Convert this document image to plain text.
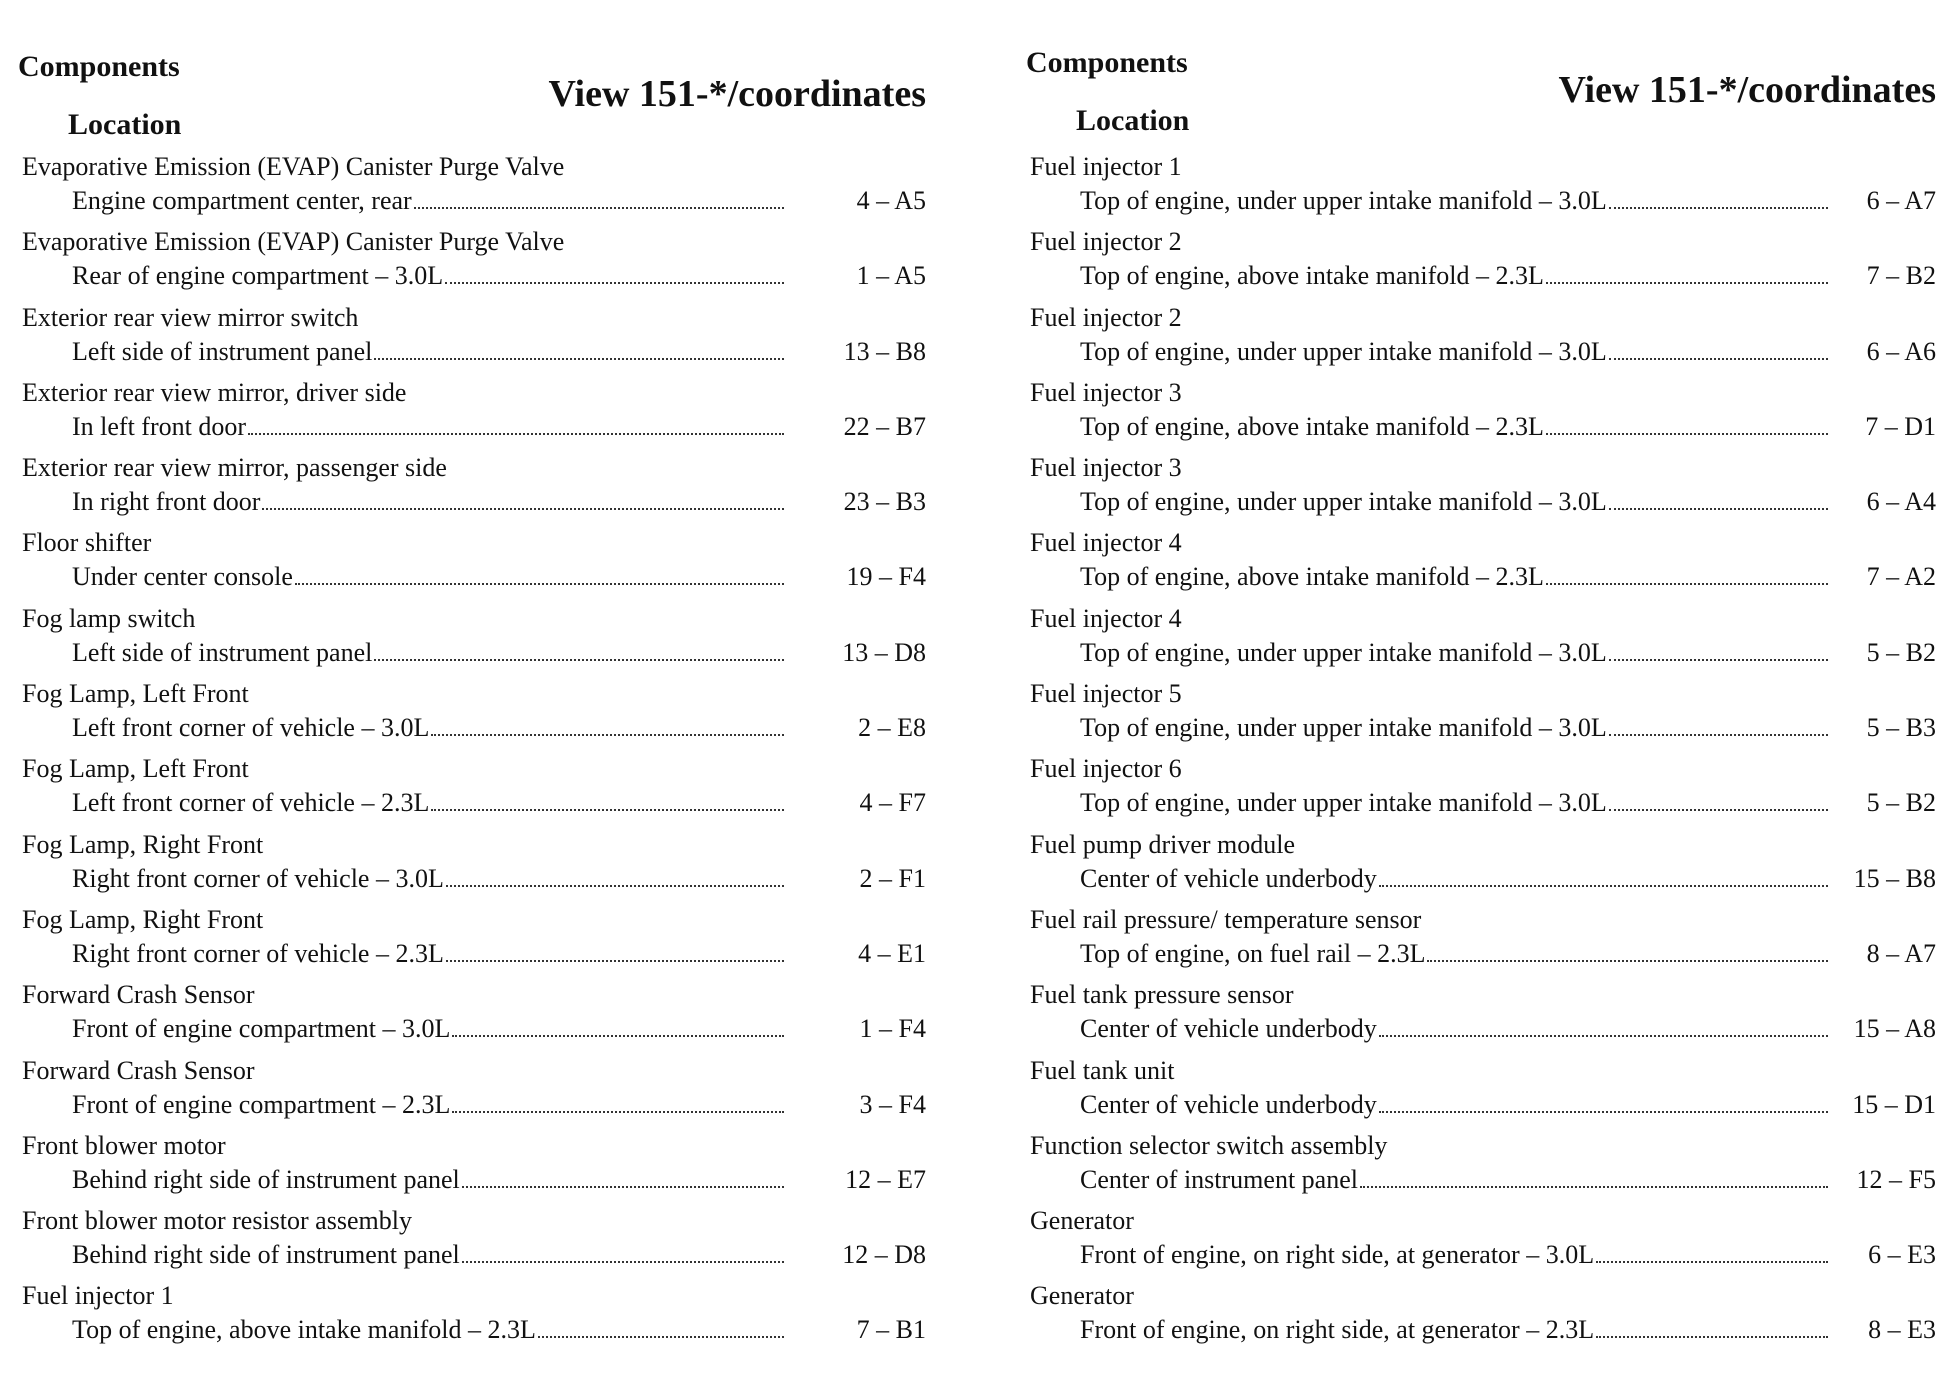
Components
Location
View 151-*/coordinates
Evaporative Emission (EVAP) Canister Purge Valve
Engine compartment center, rear	4 – A5
Evaporative Emission (EVAP) Canister Purge Valve
Rear of engine compartment – 3.0L	1 – A5
Exterior rear view mirror switch
Left side of instrument panel	13 – B8
Exterior rear view mirror, driver side
In left front door	22 – B7
Exterior rear view mirror, passenger side
In right front door	23 – B3
Floor shifter
Under center console	19 – F4
Fog lamp switch
Left side of instrument panel	13 – D8
Fog Lamp, Left Front
Left front corner of vehicle – 3.0L	2 – E8
Fog Lamp, Left Front
Left front corner of vehicle – 2.3L	4 – F7
Fog Lamp, Right Front
Right front corner of vehicle – 3.0L	2 – F1
Fog Lamp, Right Front
Right front corner of vehicle – 2.3L	4 – E1
Forward Crash Sensor
Front of engine compartment – 3.0L	1 – F4
Forward Crash Sensor
Front of engine compartment – 2.3L	3 – F4
Front blower motor
Behind right side of instrument panel	12 – E7
Front blower motor resistor assembly
Behind right side of instrument panel	12 – D8
Fuel injector 1
Top of engine, above intake manifold – 2.3L	7 – B1
Components
Location
View 151-*/coordinates
Fuel injector 1
Top of engine, under upper intake manifold – 3.0L	6 – A7
Fuel injector 2
Top of engine, above intake manifold – 2.3L	7 – B2
Fuel injector 2
Top of engine, under upper intake manifold – 3.0L	6 – A6
Fuel injector 3
Top of engine, above intake manifold – 2.3L	7 – D1
Fuel injector 3
Top of engine, under upper intake manifold – 3.0L	6 – A4
Fuel injector 4
Top of engine, above intake manifold – 2.3L	7 – A2
Fuel injector 4
Top of engine, under upper intake manifold – 3.0L	5 – B2
Fuel injector 5
Top of engine, under upper intake manifold – 3.0L	5 – B3
Fuel injector 6
Top of engine, under upper intake manifold – 3.0L	5 – B2
Fuel pump driver module
Center of vehicle underbody	15 – B8
Fuel rail pressure/ temperature sensor
Top of engine, on fuel rail – 2.3L	8 – A7
Fuel tank pressure sensor
Center of vehicle underbody	15 – A8
Fuel tank unit
Center of vehicle underbody	15 – D1
Function selector switch assembly
Center of instrument panel	12 – F5
Generator
Front of engine, on right side, at generator – 3.0L	6 – E3
Generator
Front of engine, on right side, at generator – 2.3L	8 – E3
